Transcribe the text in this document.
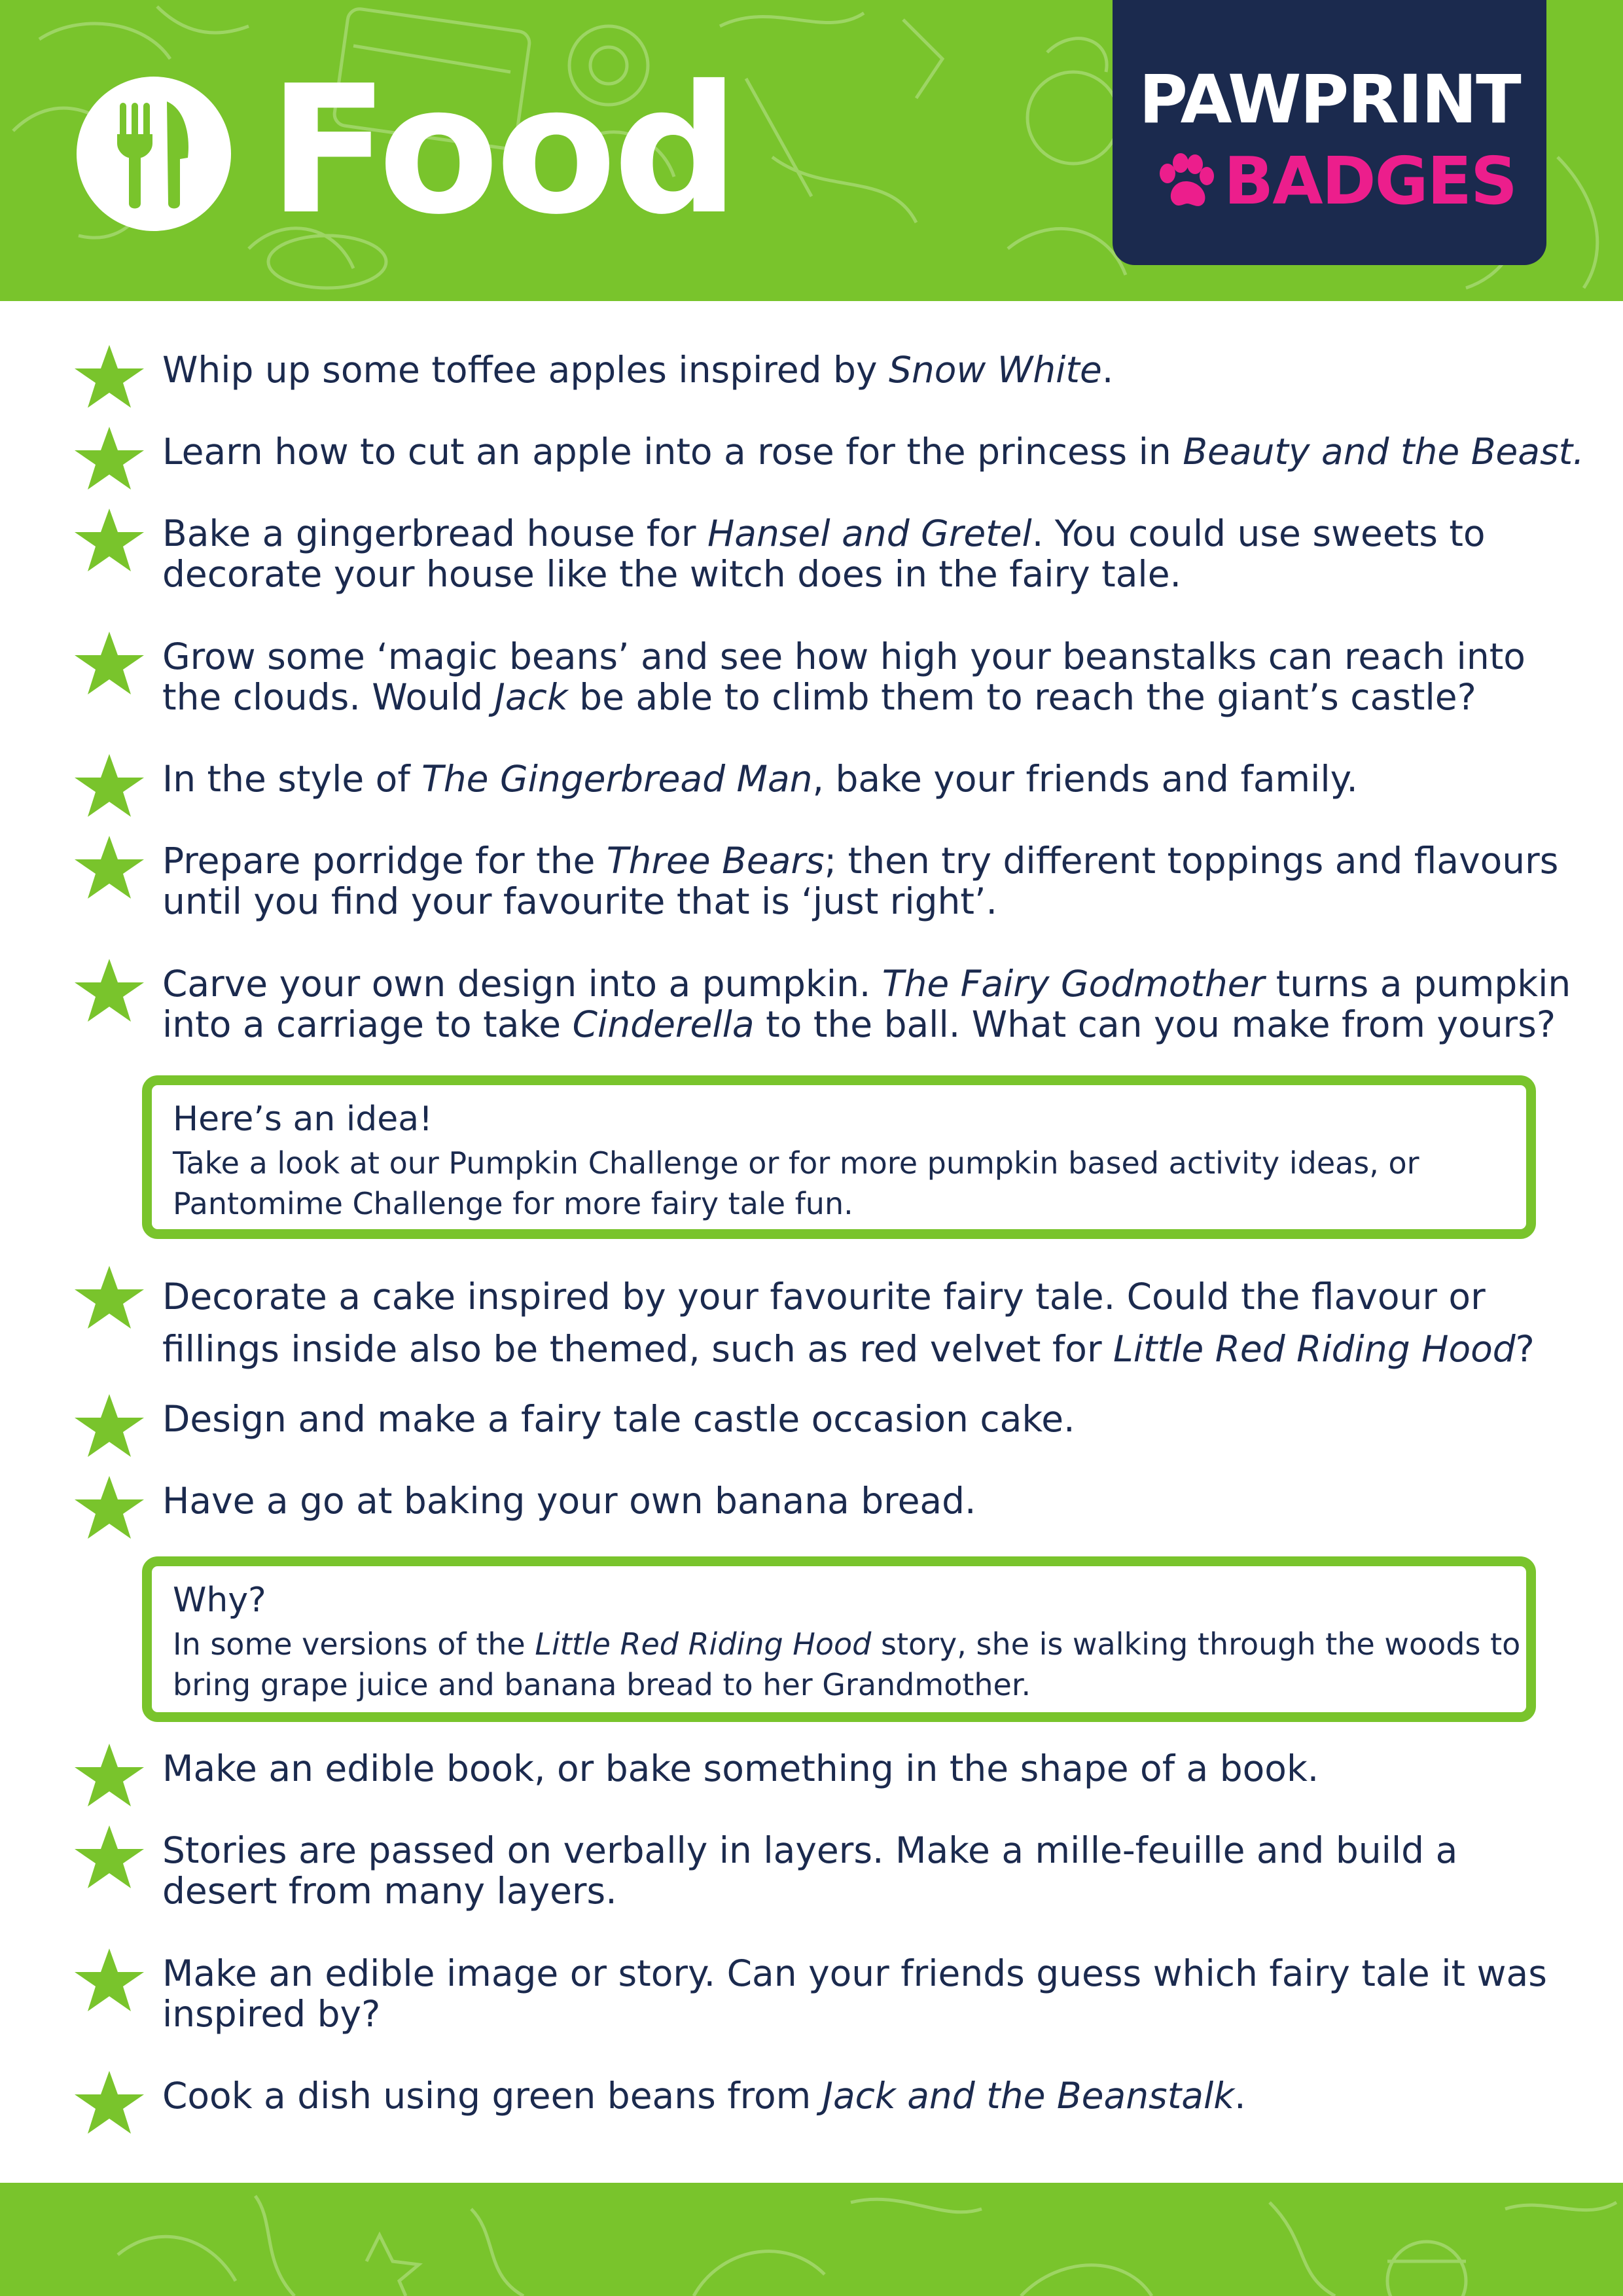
Food	PAWPRINT
BADGES

Whip up some toffee apples inspired by Snow White.

Learn how to cut an apple into a rose for the princess in Beauty and the Beast.

Bake a gingerbread house for Hansel and Gretel. You could use sweets to
decorate your house like the witch does in the fairy tale.

Grow some ‘magic beans’ and see how high your beanstalks can reach into
the clouds. Would Jack be able to climb them to reach the giant’s castle?

In the style of The Gingerbread Man, bake your friends and family.

Prepare porridge for the Three Bears; then try different toppings and flavours
until you find your favourite that is ‘just right’.

Carve your own design into a pumpkin. The Fairy Godmother turns a pumpkin
into a carriage to take Cinderella to the ball. What can you make from yours?

Here’s an idea!

Take a look at our Pumpkin Challenge or for more pumpkin based activity ideas, or
Pantomime Challenge for more fairy tale fun.

Decorate a cake inspired by your favourite fairy tale. Could the flavour or
fillings inside also be themed, such as red velvet for Little Red Riding Hood?

Design and make a fairy tale castle occasion cake.

Have a go at baking your own banana bread.

Why?

In some versions of the Little Red Riding Hood story, she is walking through the woods to
bring grape juice and banana bread to her Grandmother.

Make an edible book, or bake something in the shape of a book.

Stories are passed on verbally in layers. Make a mille-feuille and build a
desert from many layers.

Make an edible image or story. Can your friends guess which fairy tale it was
inspired by?

Cook a dish using green beans from Jack and the Beanstalk.
